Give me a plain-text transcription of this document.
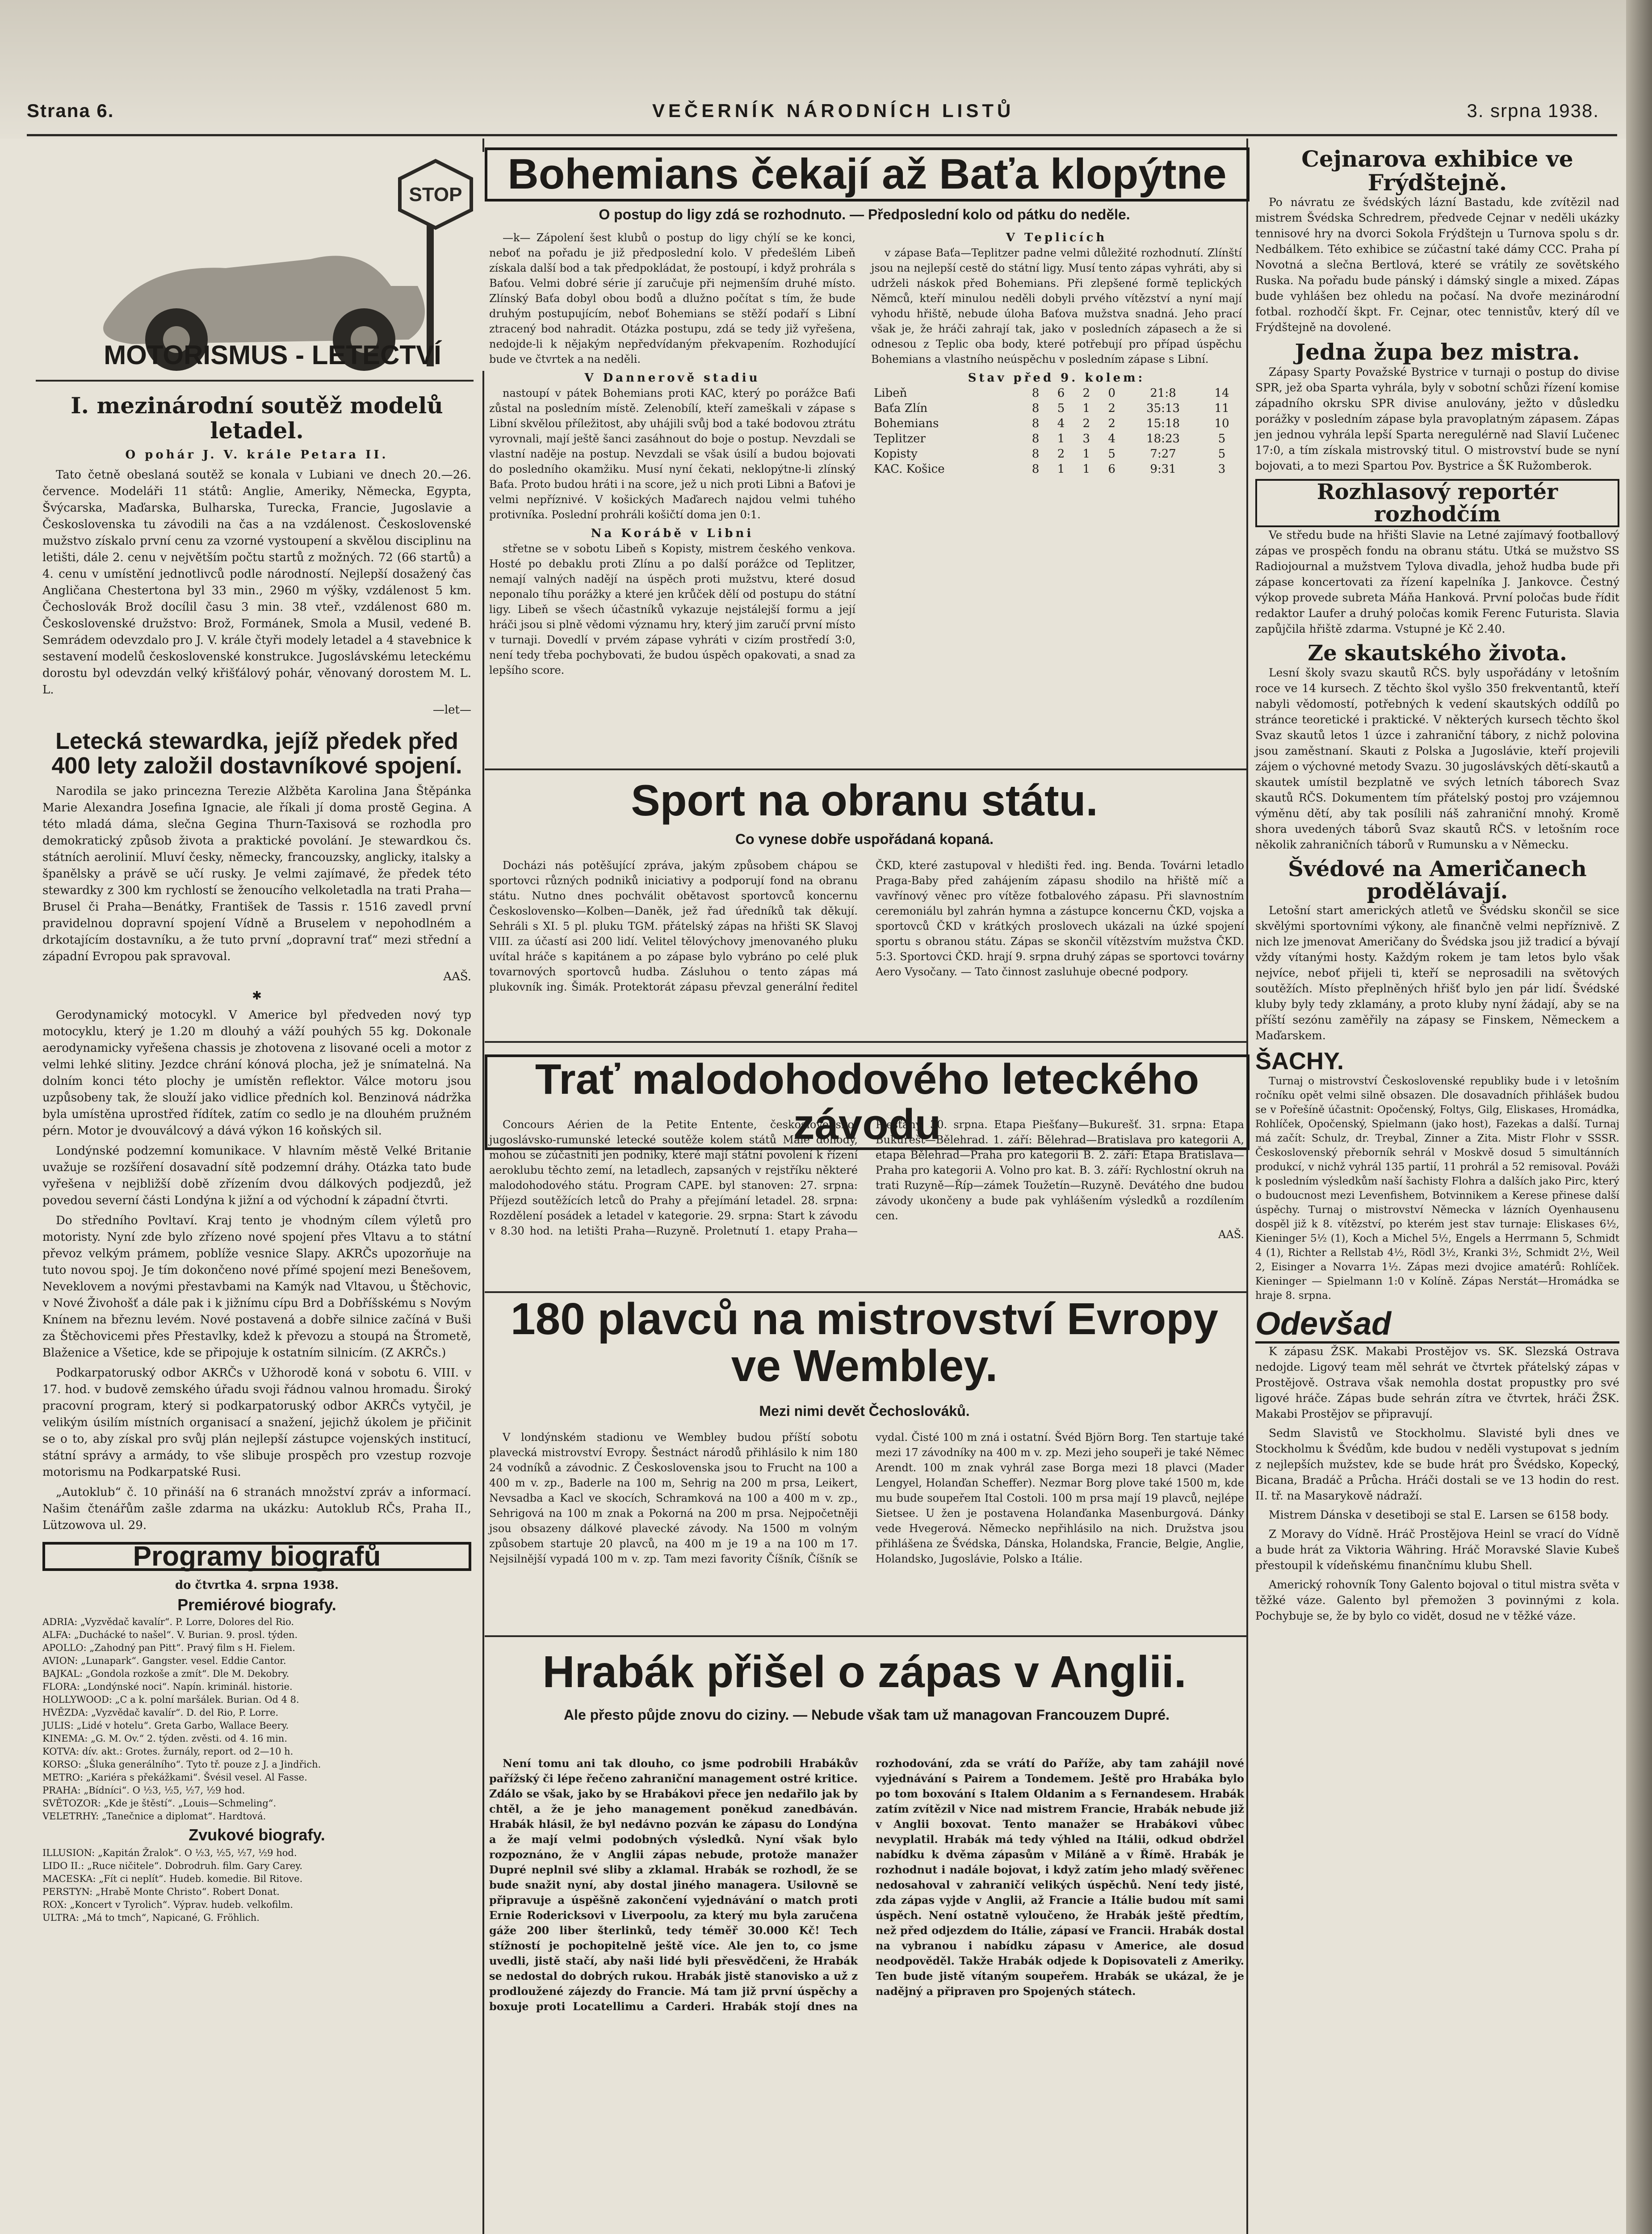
Strana 6.	VEČERNÍK NÁRODNÍCH LISTŮ	3. srpna 1938.
STOP
MOTORISMUS - LETECTVÍ
I. mezinárodní soutěž modelů letadel.
O pohár J. V. krále Petara II.

Tato četně obeslaná soutěž se konala v Lubiani ve dnech 20.—26. července. Modeláři 11 států: Anglie, Ameriky, Německa, Egypta, Švýcarska, Maďarska, Bulharska, Turecka, Francie, Jugoslavie a Československa tu závodili na čas a na vzdálenost. Československé mužstvo získalo první cenu za vzorné vystoupení a skvělou disciplinu na letišti, dále 2. cenu v největším počtu startů z možných. 72 (66 startů) a 4. cenu v umístění jednotlivců podle národností. Nejlepší dosažený čas Angličana Chestertona byl 33 min., 2960 m výšky, vzdálenost 5 km. Čechoslovák Brož docílil času 3 min. 38 vteř., vzdálenost 680 m. Československé družstvo: Brož, Formánek, Smola a Musil, vedené B. Semrádem odevzdalo pro J. V. krále čtyři modely letadel a 4 stavebnice k sestavení modelů československé konstrukce. Jugoslávskému leteckému dorostu byl odevzdán velký křišťálový pohár, věnovaný dorostem M. L. L.

—let—
Letecká stewardka, jejíž předek před 400 lety založil dostavníkové spojení.

Narodila se jako princezna Terezie Alžběta Karolina Jana Štěpánka Marie Alexandra Josefina Ignacie, ale říkali jí doma prostě Gegina. A této mladá dáma, slečna Gegina Thurn-Taxisová se rozhodla pro demokratický způsob života a praktické povolání. Je stewardkou čs. státních aerolinií. Mluví česky, německy, francouzsky, anglicky, italsky a španělsky a právě se učí rusky. Je velmi zajímavé, že předek této stewardky z 300 km rychlostí se ženoucího velkoletadla na trati Praha—Brusel či Praha—Benátky, František de Tassis r. 1516 zavedl první pravidelnou dopravní spojení Vídně a Bruselem v nepohodlném a drkotajícím dostavníku, a že tuto první „dopravní trať“ mezi střední a západní Evropou pak spravoval.

AAŠ.
✱

Gerodynamický motocykl. V Americe byl předveden nový typ motocyklu, který je 1.20 m dlouhý a váží pouhých 55 kg. Dokonale aerodynamicky vyřešena chassis je zhotovena z lisované oceli a motor z velmi lehké slitiny. Jezdce chrání kónová plocha, jež je snímatelná. Na dolním konci této plochy je umístěn reflektor. Válce motoru jsou uzpůsobeny tak, že slouží jako vidlice předních kol. Benzinová nádržka byla umístěna uprostřed řídítek, zatím co sedlo je na dlouhém pružném pérn. Motor je dvouválcový a dává výkon 16 koňských sil.

Londýnské podzemní komunikace. V hlavním městě Velké Britanie uvažuje se rozšíření dosavadní sítě podzemní dráhy. Otázka tato bude vyřešena v nejbližší době zřízením dvou dálkových podjezdů, jež povedou severní části Londýna k jižní a od východní k západní čtvrti.

Do středního Povltaví. Kraj tento je vhodným cílem výletů pro motoristy. Nyní zde bylo zřízeno nové spojení přes Vltavu a to státní převoz velkým prámem, poblíže vesnice Slapy. AKRČs upozorňuje na tuto novou spoj. Je tím dokončeno nové přímé spojení mezi Benešovem, Neveklovem a novými přestavbami na Kamýk nad Vltavou, u Štěchovic, v Nové Živohošť a dále pak i k jižnímu cípu Brd a Dobříšskému s Novým Knínem na březnu levém. Nové postavená a dobře silnice začíná v Buši za Štěchovicemi přes Přestavlky, kdež k převozu a stoupá na Štrometě, Blaženice a Všetice, kde se připojuje k ostatním silnicím. (Z AKRČs.)

Podkarpatoruský odbor AKRČs v Užhorodě koná v sobotu 6. VIII. v 17. hod. v budově zemského úřadu svoji řádnou valnou hromadu. Široký pracovní program, který si podkarpatoruský odbor AKRČs vytyčil, je velikým úsilím místních organisací a snažení, jejichž úkolem je přičinit se o to, aby získal pro svůj plán nejlepší zástupce vojenských institucí, státní správy a armády, to vše slibuje prospěch pro vzestup rozvoje motorismu na Podkarpatské Rusi.

„Autoklub“ č. 10 přináší na 6 stranách množství zpráv a informací. Našim čtenářům zašle zdarma na ukázku: Autoklub RČs, Praha II., Lützowova ul. 29.

Programy biografů
do čtvrtka 4. srpna 1938.
Premiérové biografy.
ADRIA: „Vyzvědač kavalír“. P. Lorre, Dolores del Rio.
ALFA: „Duchácké to našel“. V. Burian. 9. prosl. týden.
APOLLO: „Zahodný pan Pitt“. Pravý film s H. Fielem.
AVION: „Lunapark“. Gangster. vesel. Eddie Cantor.
BAJKAL: „Gondola rozkoše a zmít“. Dle M. Dekobry.
FLORA: „Londýnské noci“. Napín. kriminál. historie.
HOLLYWOOD: „C a k. polní maršálek. Burian. Od 4 8.
HVĚZDA: „Vyzvědač kavalír“. D. del Rio, P. Lorre.
JULIS: „Lidé v hotelu“. Greta Garbo, Wallace Beery.
KINEMA: „G. M. Ov.“ 2. týden. zvěsti. od 4. 16 min.
KOTVA: dív. akt.: Grotes. žurnály, report. od 2—10 h.
KORSO: „Šluka generálního“. Tyto tř. pouze z J. a Jindřich.
METRO: „Kariéra s překážkami“. Švésil vesel. Al Fasse.
PRAHA: „Bídníci“. O ½3, ½5, ½7, ½9 hod.
SVĚTOZOR: „Kde je štěstí“. „Louis—Schmeling“.
VELETRHY: „Tanečnice a diplomat“. Hardtová.
Zvukové biografy.
ILLUSION: „Kapitán Žralok“. O ½3, ½5, ½7, ½9 hod.
LIDO II.: „Ruce ničitele“. Dobrodruh. film. Gary Carey.
MACESKA: „Fít ci neplít“. Hudeb. komedie. Bil Ritove.
PERSTYN: „Hrabě Monte Christo“. Robert Donat.
ROX: „Koncert v Tyrolich“. Výprav. hudeb. velkofilm.
ULTRA: „Má to tmch“, Napicané, G. Fröhlich.
Bohemians čekají až Baťa klopýtne
O postup do ligy zdá se rozhodnuto. — Předposlední kolo od pátku do neděle.

—k— Zápolení šest klubů o postup do ligy chýlí se ke konci, neboť na pořadu je již předposlední kolo. V předešlém Libeň získala další bod a tak předpokládat, že postoupí, i když prohrála s Baťou. Velmi dobré série jí zaručuje při nejmenším druhé místo. Zlínský Baťa dobyl obou bodů a dlužno počítat s tím, že bude druhým postupujícím, neboť Bohemians se stěží podaří s Libní ztracený bod nahradit. Otázka postupu, zdá se tedy již vyřešena, nedojde-li k nějakým nepředvídaným překvapením. Rozhodující bude ve čtvrtek a na neděli.

V Dannerově stadiu

nastoupí v pátek Bohemians proti KAC, který po porážce Baťi zůstal na posledním místě. Zelenobílí, kteří zameškali v zápase s Libní skvělou příležitost, aby uhájili svůj bod a také bodovou ztrátu vyrovnali, mají ještě šanci zasáhnout do boje o postup. Nevzdali se vlastní naděje na postup. Nevzdali se však úsilí a budou bojovati do posledního okamžiku. Musí nyní čekati, neklopýtne-li zlínský Baťa. Proto budou hráti i na score, jež u nich proti Libni a Baťovi je velmi nepříznivé. V košických Maďarech najdou velmi tuhého protivníka. Poslední prohráli košičtí doma jen 0:1.

Na Korábě v Libni

střetne se v sobotu Libeň s Kopisty, mistrem českého venkova. Hosté po debaklu proti Zlínu a po další porážce od Teplitzer, nemají valných nadějí na úspěch proti mužstvu, které dosud neponalo tíhu porážky a které jen krůček dělí od postupu do státní ligy. Libeň se všech účastníků vykazuje nejstálejší formu a její hráči jsou si plně vědomi významu hry, který jim zaručí první místo v turnaji. Dovedlí v prvém zápase vyhráti v cizím prostředí 3:0, není tedy třeba pochybovati, že budou úspěch opakovati, a snad za lepšího score.

V Teplicích

v zápase Baťa—Teplitzer padne velmi důležité rozhodnutí. Zlínští jsou na nejlepší cestě do státní ligy. Musí tento zápas vyhráti, aby si udrželi náskok před Bohemians. Při zlepšené formě teplických Němců, kteří minulou neděli dobyli prvého vítězství a nyní mají vyhodu hřiště, nebude úloha Baťova mužstva snadná. Jeho prací však je, že hráči zahrají tak, jako v posledních zápasech a že si odnesou z Teplic oba body, které potřebují pro případ úspěchu Bohemians a vlastního neúspěchu v posledním zápase s Libní.

Stav před 9. kolem:
Libeň	8	6	2	0	21:8	14
Baťa Zlín	8	5	1	2	35:13	11
Bohemians	8	4	2	2	15:18	10
Teplitzer	8	1	3	4	18:23	5
Kopisty	8	2	1	5	7:27	5
KAC. Košice	8	1	1	6	9:31	3
Sport na obranu státu.
Co vynese dobře uspořádaná kopaná.

Docházi nás potěšující zpráva, jakým způsobem chápou se sportovci různých podniků iniciativy a podporují fond na obranu státu. Nutno dnes pochválit obětavost sportovců koncernu Československo—Kolben—Daněk, jež řad úředníků tak děkují. Sehráli s XI. 5 pl. pluku TGM. přátelský zápas na hřišti SK Slavoj VIII. za účastí asi 200 lidí. Velitel tělovýchovy jmenovaného pluku uvítal hráče s kapitánem a po zápase bylo vybráno po celé pluk tovarnových sportovců hudba. Zásluhou o tento zápas má plukovník ing. Šimák. Protektorát zápasu převzal generální ředitel ČKD, které zastupoval v hledišti řed. ing. Benda. Továrni letadlo Praga-Baby před zahájením zápasu shodilo na hřiště míč a vavřínový věnec pro vítěze fotbalového zápasu. Při slavnostním ceremoniálu byl zahrán hymna a zástupce koncernu ČKD, vojska a sportovců ČKD v krátkých proslovech ukázali na úzké spojení sportu s obranou státu. Zápas se skončil vítězstvím mužstva ČKD. 5:3. Sportovci ČKD. hrají 9. srpna druhý zápas se sportovci továrny Aero Vysočany. — Tato činnost zasluhuje obecné podpory.

Trať malodohodového leteckého závodu

Concours Aérien de la Petite Entente, československo-jugoslávsko-rumunské letecké soutěže kolem států Malé dohody, mohou se zúčastniti jen podniky, které mají státní povolení k řízení aeroklubu těchto zemí, na letadlech, zapsaných v rejstříku některé malodohodového státu. Program CAPE. byl stanoven: 27. srpna: Příjezd soutěžících letců do Prahy a přejímání letadel. 28. srpna: Rozdělení posádek a letadel v kategorie. 29. srpna: Start k závodu v 8.30 hod. na letišti Praha—Ruzyně. Proletnutí 1. etapy Praha—Piešťany. 30. srpna. Etapa Piešťany—Bukurešť. 31. srpna: Etapa Bukurešť—Bělehrad. 1. září: Bělehrad—Bratislava pro kategorii A, etapa Bělehrad—Praha pro kategorii B. 2. září: Etapa Bratislava—Praha pro kategorii A. Volno pro kat. B. 3. září: Rychlostní okruh na trati Ruzyně—Říp—zámek Toužetín—Ruzyně. Devátého dne budou závody ukončeny a bude pak vyhlášením výsledků a rozdílením cen.

AAŠ.
180 plavců na mistrovství Evropy ve Wembley.
Mezi nimi devět Čechoslováků.

V londýnském stadionu ve Wembley budou příští sobotu plavecká mistrovství Evropy. Šestnáct národů přihlásilo k nim 180 24 vodníků a závodnic. Z Československa jsou to Frucht na 100 a 400 m v. zp., Baderle na 100 m, Sehrig na 200 m prsa, Leikert, Nevsadba a Kacl ve skocích, Schramková na 100 a 400 m v. zp., Sehrigová na 100 m znak a Pokorná na 200 m prsa. Nejpočetněji jsou obsazeny dálkové plavecké závody. Na 1500 m volným způsobem startuje 20 plavců, na 400 m je 19 a na 100 m 17. Nejsilnější vypadá 100 m v. zp. Tam mezi favority Číšník, Číšník se vydal. Čisté 100 m zná i ostatní. Švéd Björn Borg. Ten startuje také mezi 17 závodníky na 400 m v. zp. Mezi jeho soupeři je také Němec Arendt. 100 m znak vyhrál zase Borga mezi 18 plavci (Mader Lengyel, Holanďan Scheffer). Nezmar Borg plove také 1500 m, kde mu bude soupeřem Ital Costoli. 100 m prsa mají 19 plavců, nejlépe Sietsee. U žen je postavena Holanďanka Masenburgová. Dánky vede Hvegerová. Německo nepřihlásilo na nich. Družstva jsou přihlášena ze Švédska, Dánska, Holandska, Francie, Belgie, Anglie, Holandsko, Jugoslávie, Polsko a Itálie.

Hrabák přišel o zápas v Anglii.
Ale přesto půjde znovu do ciziny. — Nebude však tam už managovan Francouzem Dupré.

Není tomu ani tak dlouho, co jsme podrobili Hrabákův pařížský či lépe řečeno zahraniční management ostré kritice. Zdálo se však, jako by se Hrabákovi přece jen nedařilo jak by chtěl, a že je jeho management poněkud zanedbáván. Hrabák hlásil, že byl nedávno pozván ke zápasu do Londýna a že mají velmi podobných výsledků. Nyní však bylo rozpoznáno, že v Anglii zápas nebude, protože manažer Dupré neplnil své sliby a zklamal. Hrabák se rozhodl, že se bude snažit nyní, aby dostal jiného managera. Usilovně se připravuje a úspěšně zakončení vyjednávání o match proti Ernie Rodericksovi v Liverpoolu, za který mu byla zaručena gáže 200 liber šterlinků, tedy téměř 30.000 Kč! Tech stížností je pochopitelně ještě více. Ale jen to, co jsme uvedli, jistě stačí, aby naši lidé byli přesvědčeni, že Hrabák se nedostal do dobrých rukou. Hrabák jistě stanovisko a už z prodloužené zájezdy do Francie. Má tam již první úspěchy a boxuje proti Locatellimu a Carderi. Hrabák stojí dnes na rozhodování, zda se vrátí do Paříže, aby tam zahájil nové vyjednávání s Pairem a Tondemem. Ještě pro Hrabáka bylo po tom boxování s Italem Oldanim a s Fernandesem. Hrabák zatím zvítězil v Nice nad mistrem Francie, Hrabák nebude již v Anglii boxovat. Tento manažer se Hrabákovi vůbec nevyplatil. Hrabák má tedy výhled na Itálii, odkud obdržel nabídku k dvěma zápasům v Miláně a v Římě. Hrabák je rozhodnut i nadále bojovat, i když zatím jeho mladý svěřenec nedosahoval v zahraničí velikých úspěchů. Není tedy jisté, zda zápas vyjde v Anglii, až Francie a Itálie budou mít sami úspěch. Není ostatně vyloučeno, že Hrabák ještě předtím, než před odjezdem do Itálie, zápasí ve Francii. Hrabák dostal na vybranou i nabídku zápasu v Americe, ale dosud neodpověděl. Takže Hrabák odjede k Dopisovateli z Ameriky. Ten bude jistě vítaným soupeřem. Hrabák se ukázal, že je nadějný a připraven pro Spojených státech.

Cejnarova exhibice ve Frýdštejně.

Po návratu ze švédských lázní Bastadu, kde zvítězil nad mistrem Švédska Schredrem, předvede Cejnar v neděli ukázky tennisové hry na dvorci Sokola Frýdštejn u Turnova spolu s dr. Nedbálkem. Této exhibice se zúčastní také dámy CCC. Praha pí Novotná a slečna Bertlová, které se vrátily ze sovětského Ruska. Na pořadu bude pánský i dámský single a mixed. Zápas bude vyhlášen bez ohledu na počasí. Na dvoře mezinárodní fotbal. rozhodčí škpt. Fr. Cejnar, otec tennistův, který díl ve Frýdštejně na dovolené.

Jedna župa bez mistra.

Zápasy Sparty Považské Bystrice v turnaji o postup do divise SPR, jež oba Sparta vyhrála, byly v sobotní schůzi řízení komise západního okrsku SPR divise anulovány, ježto v důsledku porážky v posledním zápase byla pravoplatným zápasem. Zápas jen jednou vyhrála lepší Sparta neregulérně nad Slavií Lučenec 17:0, a tím získala mistrovský titul. O mistrovství bude se nyní bojovati, a to mezi Spartou Pov. Bystrice a ŠK Ružomberok.

Rozhlasový reportér rozhodčím

Ve středu bude na hřišti Slavie na Letné zajímavý footballový zápas ve prospěch fondu na obranu státu. Utká se mužstvo SS Radiojournal a mužstvem Tylova divadla, jehož hudba bude při zápase koncertovati za řízení kapelníka J. Jankovce. Čestný výkop provede subreta Máňa Hanková. První poločas bude řídit redaktor Laufer a druhý poločas komik Ferenc Futurista. Slavia zapůjčila hřiště zdarma. Vstupné je Kč 2.40.

Ze skautského života.

Lesní školy svazu skautů RČS. byly uspořádány v letošním roce ve 14 kursech. Z těchto škol vyšlo 350 frekventantů, kteří nabyli vědomostí, potřebných k vedení skautských oddílů po stránce teoretické i praktické. V některých kursech těchto škol Svaz skautů letos 1 úzce i zahraniční tábory, z nichž polovina jsou zaměstnaní. Skauti z Polska a Jugoslávie, kteří projevili zájem o výchovné metody Svazu. 30 jugoslávských dětí-skautů a skautek umístil bezplatně ve svých letních táborech Svaz skautů RČS. Dokumentem tím přátelský postoj pro vzájemnou výměnu dětí, aby tak posílili náš zahraniční mnohý. Kromě shora uvedených táborů Svaz skautů RČS. v letošním roce několik zahraničních táborů v Rumunsku a v Německu.

Švédové na Američanech prodělávají.

Letošní start amerických atletů ve Švédsku skončil se sice skvělými sportovními výkony, ale finančně velmi nepříznivě. Z nich lze jmenovat Američany do Švédska jsou již tradicí a bývají vždy vítanými hosty. Každým rokem je tam letos bylo však nejvíce, neboť přijeli ti, kteří se neprosadili na světových soutěžích. Místo přeplněných hřišť bylo jen pár lidí. Švédské kluby byly tedy zklamány, a proto kluby nyní žádají, aby se na příští sezónu zaměřily na zápasy se Finskem, Německem a Maďarskem.

ŠACHY.

Turnaj o mistrovství Československé republiky bude i v letošním ročníku opět velmi silně obsazen. Dle dosavadních přihlášek budou se v Pořešíně účastnit: Opočenský, Foltys, Gilg, Eliskases, Hromádka, Rohlíček, Opočenský, Spielmann (jako host), Fazekas a další. Turnaj má začít: Schulz, dr. Treybal, Zinner a Zita. Mistr Flohr v SSSR. Československý přeborník sehrál v Moskvě dosud 5 simultánních produkcí, v nichž vyhrál 135 partií, 11 prohrál a 52 remisoval. Pováži k posledním výsledkům naší šachisty Flohra a dalších jako Pirc, který o budoucnost mezi Levenfishem, Botvinnikem a Kerese přinese další úspěchy. Turnaj o mistrovství Německa v lázních Oyenhausenu dospěl již k 8. vítězství, po kterém jest stav turnaje: Eliskases 6½, Kieninger 5½ (1), Koch a Michel 5½, Engels a Herrmann 5, Schmidt 4 (1), Richter a Rellstab 4½, Rödl 3½, Kranki 3½, Schmidt 2½, Weil 2, Eisinger a Novarra 1½. Zápas mezi dvojice amatérů: Rohlíček. Kieninger — Spielmann 1:0 v Kolíně. Zápas Nerstát—Hromádka se hraje 8. srpna.

Odevšad

K zápasu ŽSK. Makabi Prostějov vs. SK. Slezská Ostrava nedojde. Ligový team měl sehrát ve čtvrtek přátelský zápas v Prostějově. Ostrava však nemohla dostat propustky pro své ligové hráče. Zápas bude sehrán zítra ve čtvrtek, hráči ŽSK. Makabi Prostějov se připravují.

Sedm Slavistů ve Stockholmu. Slavisté byli dnes ve Stockholmu k Švédům, kde budou v neděli vystupovat s jedním z nejlepších mužstev, kde se bude hrát pro Švédsko, Kopecký, Bicana, Bradáč a Průcha. Hráči dostali se ve 13 hodin do rest. II. tř. na Masarykově nádraží.

Mistrem Dánska v desetiboji se stal E. Larsen se 6158 body.

Z Moravy do Vídně. Hráč Prostějova Heinl se vrací do Vídně a bude hrát za Viktoria Währing. Hráč Moravské Slavie Kubeš přestoupil k vídeňskému finančnímu klubu Shell.

Americký rohovník Tony Galento bojoval o titul mistra světa v těžké váze. Galento byl přemožen 3 povinnými z kola. Pochybuje se, že by bylo co vidět, dosud ne v těžké váze.
